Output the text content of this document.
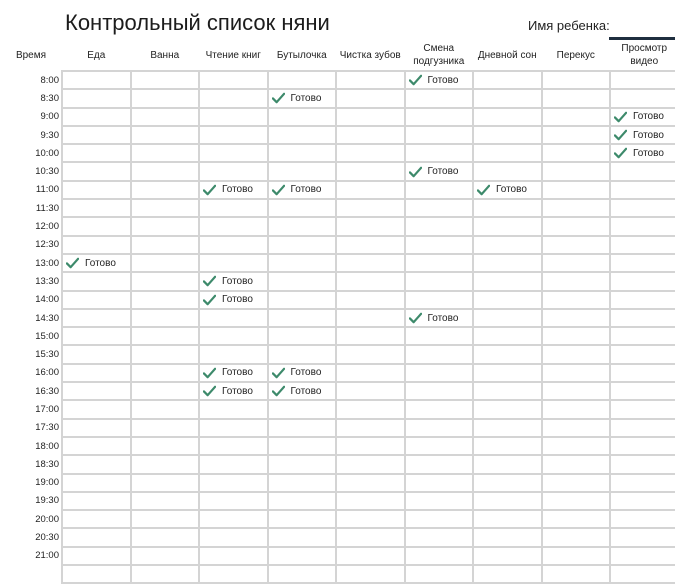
Контрольный список няни	Имя ребенка:
Время	Еда	Ванна	Чтение книг	Бутылочка	Чистка зубов	Смена подгузника	Дневной сон	Перекус	Просмотр видео
8:00						Готово			

8:30				Готово					

9:00									Готово

9:30									Готово

10:00									Готово

10:30						Готово			

11:00			Готово	Готово			Готово		

11:30									
12:00									
12:30									
13:00	Готово								

13:30			Готово						

14:00			Готово						

14:30						Готово			

15:00									
15:30									
16:00			Готово	Готово					

16:30			Готово	Готово					

17:00									
17:30									
18:00									
18:30									
19:00									
19:30									
20:00									
20:30									
21:00									
